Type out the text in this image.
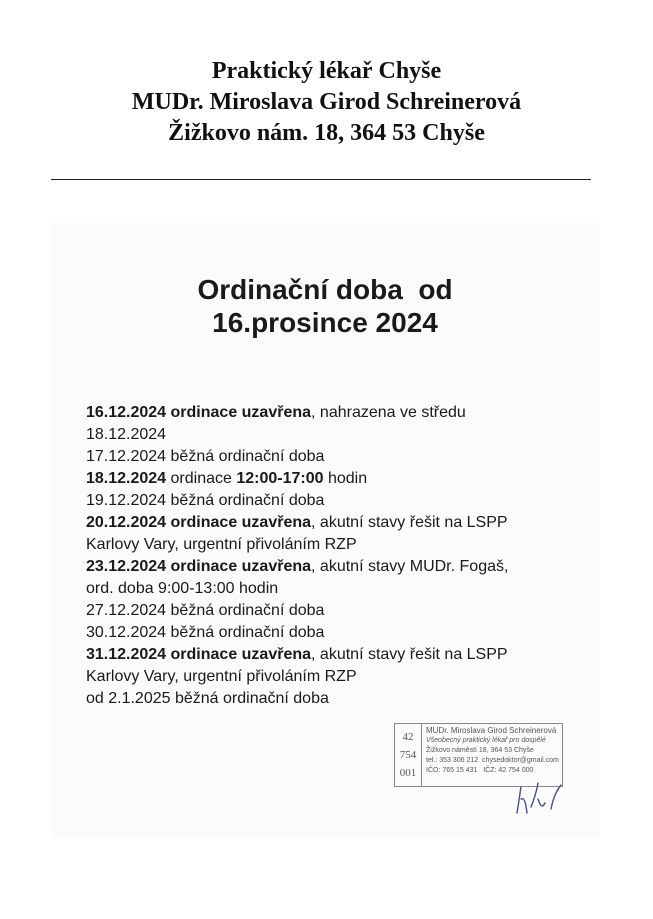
Praktický lékař Chyše
MUDr. Miroslava Girod Schreinerová
Žižkovo nám. 18, 364 53 Chyše
Ordinační doba  od
16.prosince 2024
16.12.2024 ordinace uzavřena, nahrazena ve středu
18.12.2024
17.12.2024 běžná ordinační doba
18.12.2024 ordinace 12:00-17:00 hodin
19.12.2024 běžná ordinační doba
20.12.2024 ordinace uzavřena, akutní stavy řešit na LSPP
Karlovy Vary, urgentní přivoláním RZP
23.12.2024 ordinace uzavřena, akutní stavy MUDr. Fogaš,
ord. doba 9:00-13:00 hodin
27.12.2024 běžná ordinační doba
30.12.2024 běžná ordinační doba
31.12.2024 ordinace uzavřena, akutní stavy řešit na LSPP
Karlovy Vary, urgentní přivoláním RZP
od 2.1.2025 běžná ordinační doba
42
754
001
MUDr. Miroslava Girod Schreinerová
Všeobecný praktický lékař pro dospělé
Žižkovo náměstí 18, 364 53 Chyše
tel.: 353 306 212 chysedoktor@gmail.com
IČO: 765 15 431 IČZ: 42 754 000
